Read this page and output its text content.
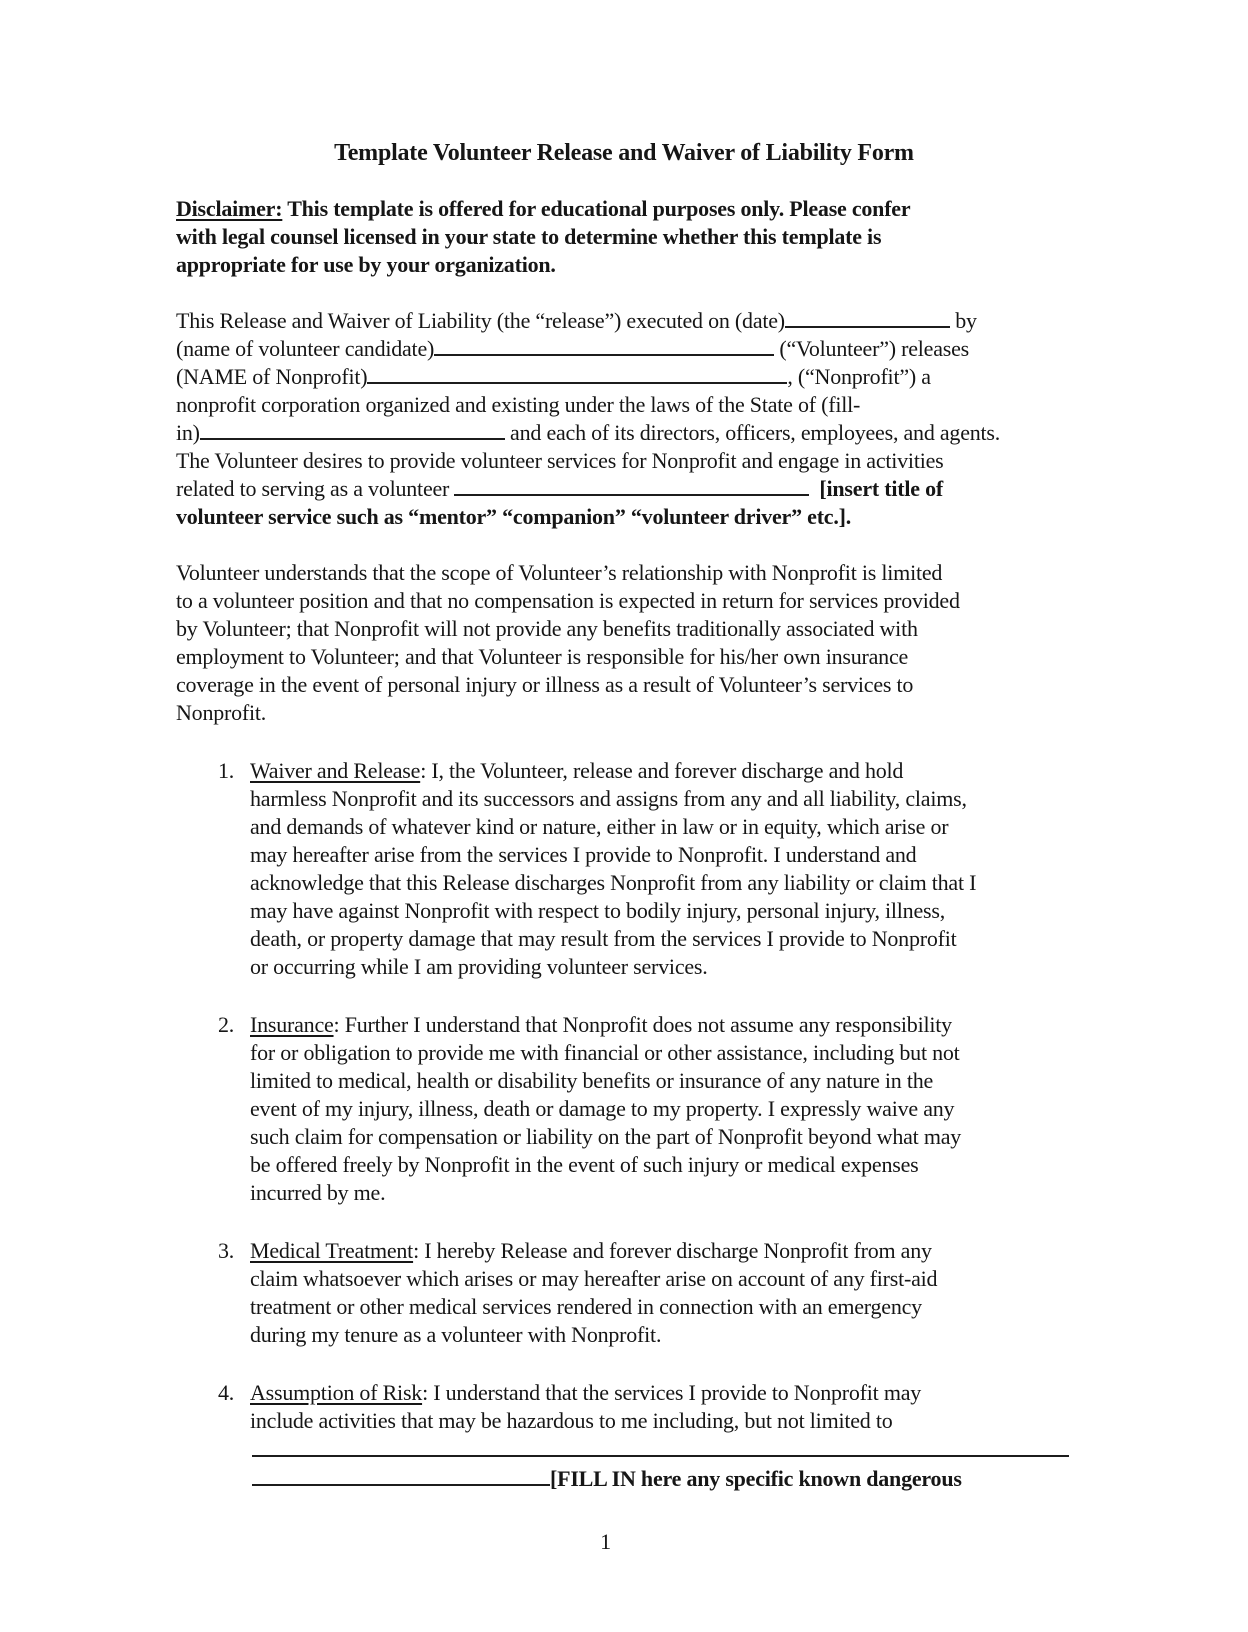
Template Volunteer Release and Waiver of Liability Form
Disclaimer: This template is offered for educational purposes only. Please confer
with legal counsel licensed in your state to determine whether this template is
appropriate for use by your organization.
This Release and Waiver of Liability (the “release”) executed on (date)	by
(name of volunteer candidate)	(“Volunteer”) releases
(NAME of Nonprofit)	, (“Nonprofit”) a
nonprofit corporation organized and existing under the laws of the State of (fill-
in)	and each of its directors, officers, employees, and agents.
The Volunteer desires to provide volunteer services for Nonprofit and engage in activities
related to serving as a volunteer	[insert title of
volunteer service such as “mentor” “companion” “volunteer driver” etc.].
Volunteer understands that the scope of Volunteer’s relationship with Nonprofit is limited
to a volunteer position and that no compensation is expected in return for services provided
by Volunteer; that Nonprofit will not provide any benefits traditionally associated with
employment to Volunteer; and that Volunteer is responsible for his/her own insurance
coverage in the event of personal injury or illness as a result of Volunteer’s services to
Nonprofit.
1. Waiver and Release: I, the Volunteer, release and forever discharge and hold
harmless Nonprofit and its successors and assigns from any and all liability, claims,
and demands of whatever kind or nature, either in law or in equity, which arise or
may hereafter arise from the services I provide to Nonprofit. I understand and
acknowledge that this Release discharges Nonprofit from any liability or claim that I
may have against Nonprofit with respect to bodily injury, personal injury, illness,
death, or property damage that may result from the services I provide to Nonprofit
or occurring while I am providing volunteer services.
2. Insurance: Further I understand that Nonprofit does not assume any responsibility
for or obligation to provide me with financial or other assistance, including but not
limited to medical, health or disability benefits or insurance of any nature in the
event of my injury, illness, death or damage to my property. I expressly waive any
such claim for compensation or liability on the part of Nonprofit beyond what may
be offered freely by Nonprofit in the event of such injury or medical expenses
incurred by me.
3. Medical Treatment: I hereby Release and forever discharge Nonprofit from any
claim whatsoever which arises or may hereafter arise on account of any first-aid
treatment or other medical services rendered in connection with an emergency
during my tenure as a volunteer with Nonprofit.
4. Assumption of Risk: I understand that the services I provide to Nonprofit may
include activities that may be hazardous to me including, but not limited to
[FILL IN here any specific known dangerous
1
